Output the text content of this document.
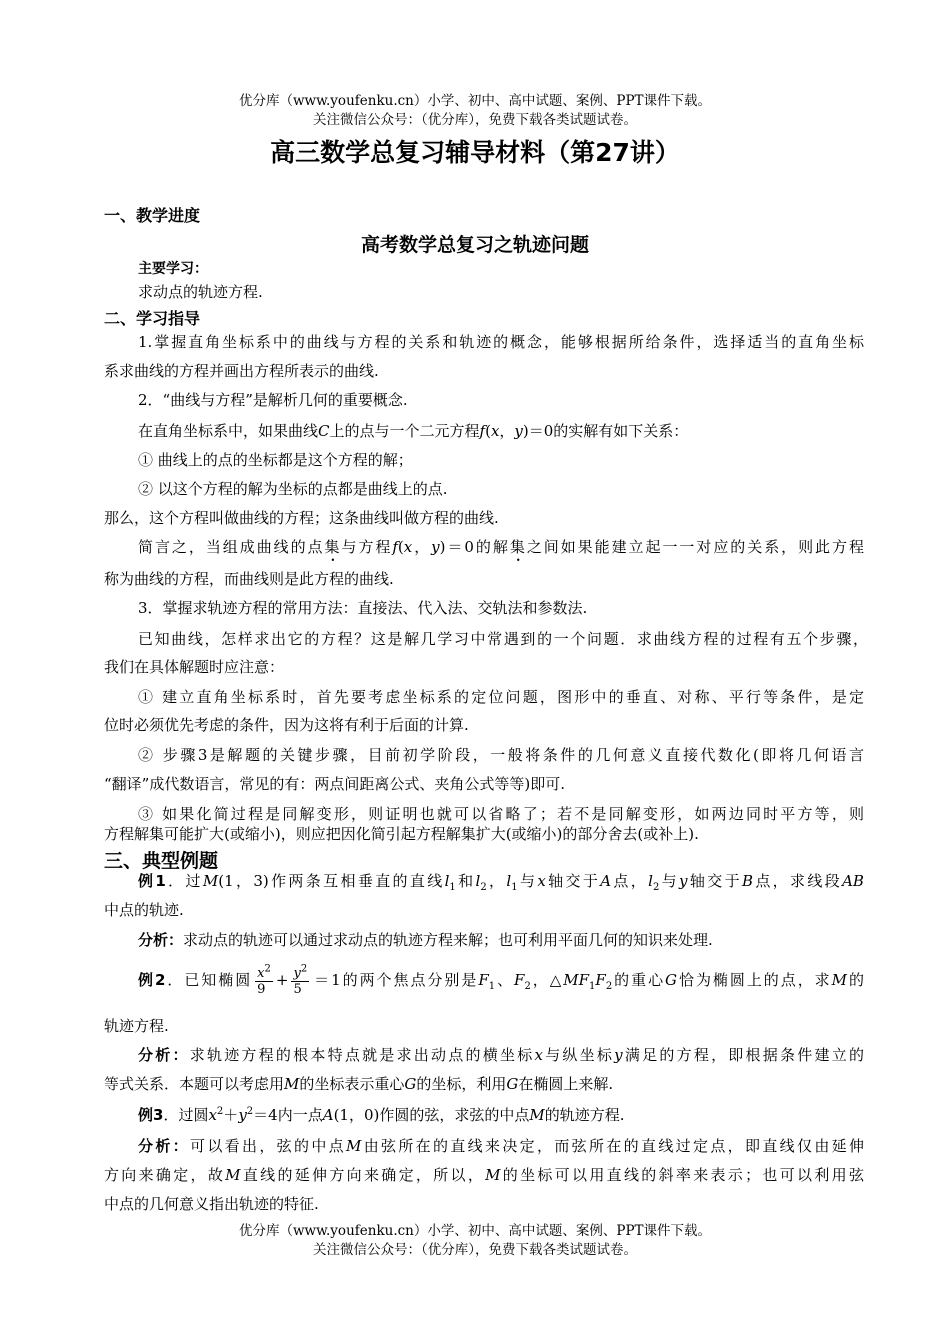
优分库（www.youfenku.cn）小学、初中、高中试题、案例、PPT课件下载。
关注微信公众号：（优分库），免费下载各类试题试卷。
高三数学总复习辅导材料（第27讲）
一、教学进度
高考数学总复习之轨迹问题
主要学习：
求动点的轨迹方程.
二、学习指导
1.掌握直角坐标系中的曲线与方程的关系和轨迹的概念，能够根据所给条件，选择适当的直角坐标
系求曲线的方程并画出方程所表示的曲线.
2．“曲线与方程”是解析几何的重要概念.
在直角坐标系中，如果曲线C上的点与一个二元方程f(x，y)＝0的实解有如下关系：
① 曲线上的点的坐标都是这个方程的解；
② 以这个方程的解为坐标的点都是曲线上的点.
那么，这个方程叫做曲线的方程；这条曲线叫做方程的曲线.
简言之，当组成曲线的点集与方程f(x，y)＝0的解集之间如果能建立起一一对应的关系，则此方程
称为曲线的方程，而曲线则是此方程的曲线.
3．掌握求轨迹方程的常用方法：直接法、代入法、交轨法和参数法.
已知曲线，怎样求出它的方程？这是解几学习中常遇到的一个问题．求曲线方程的过程有五个步骤，
我们在具体解题时应注意：
① 建立直角坐标系时，首先要考虑坐标系的定位问题，图形中的垂直、对称、平行等条件，是定
位时必须优先考虑的条件，因为这将有利于后面的计算.
② 步骤3是解题的关键步骤，目前初学阶段，一般将条件的几何意义直接代数化(即将几何语言
“翻译”成代数语言，常见的有：两点间距离公式、夹角公式等等)即可.
③ 如果化简过程是同解变形，则证明也就可以省略了；若不是同解变形，如两边同时平方等，则
方程解集可能扩大(或缩小)，则应把因化简引起方程解集扩大(或缩小)的部分舍去(或补上).
三、典型例题
例1．过M(1，3)作两条互相垂直的直线$l_1$和$l_2$，$l_1$与x轴交于A点，$l_2$与y轴交于B点，求线段AB
中点的轨迹.
分析：求动点的轨迹可以通过求动点的轨迹方程来解；也可利用平面几何的知识来处理.
例2．已知椭圆 $\frac{x^2}{9} + \frac{y^2}{5} =1$的两个焦点分别是$F_1$、$F_2$，$\triangle MF_1F_2$的重心G恰为椭圆上的点，求M的
轨迹方程.
分析：求轨迹方程的根本特点就是求出动点的横坐标x与纵坐标y满足的方程，即根据条件建立的
等式关系．本题可以考虑用M的坐标表示重心G的坐标，利用G在椭圆上来解.
例3．过圆$x^2+y^2=4$内一点A(1，0)作圆的弦，求弦的中点M的轨迹方程.
分析：可以看出，弦的中点M由弦所在的直线来决定，而弦所在的直线过定点，即直线仅由延伸
方向来确定，故M直线的延伸方向来确定，所以，M的坐标可以用直线的斜率来表示；也可以利用弦
中点的几何意义指出轨迹的特征.
优分库（www.youfenku.cn）小学、初中、高中试题、案例、PPT课件下载。
关注微信公众号：（优分库），免费下载各类试题试卷。
